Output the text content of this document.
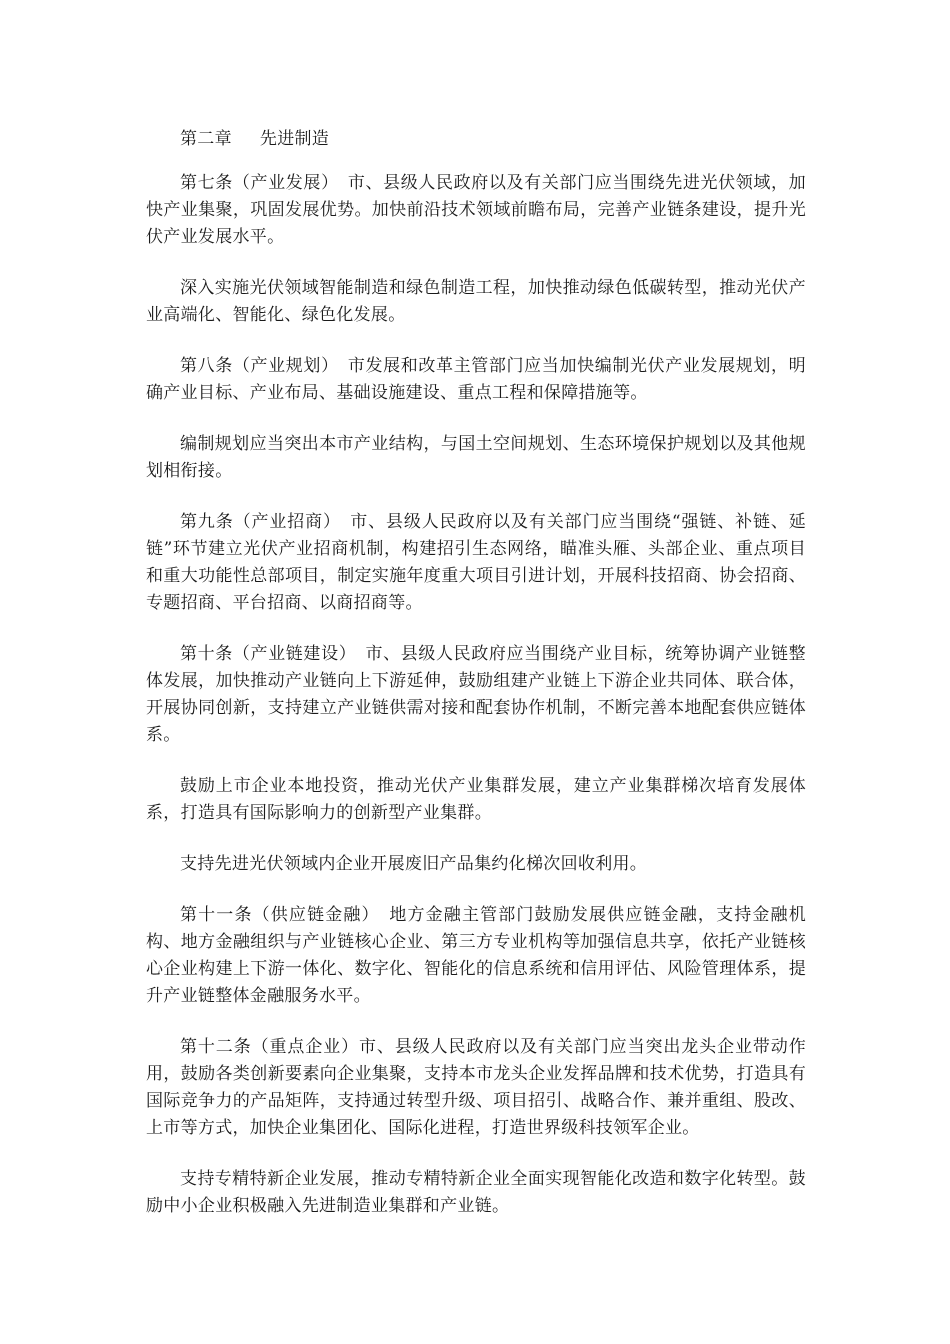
第二章 先进制造

第七条（产业发展）　市、县级人民政府以及有关部门应当围绕先进光伏领域，加快产业集聚，巩固发展优势。加快前沿技术领域前瞻布局，完善产业链条建设，提升光伏产业发展水平。

深入实施光伏领域智能制造和绿色制造工程，加快推动绿色低碳转型，推动光伏产业高端化、智能化、绿色化发展。

第八条（产业规划）　市发展和改革主管部门应当加快编制光伏产业发展规划，明确产业目标、产业布局、基础设施建设、重点工程和保障措施等。

编制规划应当突出本市产业结构，与国土空间规划、生态环境保护规划以及其他规划相衔接。

第九条（产业招商）　市、县级人民政府以及有关部门应当围绕“强链、补链、延链”环节建立光伏产业招商机制，构建招引生态网络，瞄准头雁、头部企业、重点项目和重大功能性总部项目，制定实施年度重大项目引进计划，开展科技招商、协会招商、专题招商、平台招商、以商招商等。

第十条（产业链建设）　市、县级人民政府应当围绕产业目标，统筹协调产业链整体发展，加快推动产业链向上下游延伸，鼓励组建产业链上下游企业共同体、联合体，开展协同创新，支持建立产业链供需对接和配套协作机制，不断完善本地配套供应链体系。

鼓励上市企业本地投资，推动光伏产业集群发展，建立产业集群梯次培育发展体系，打造具有国际影响力的创新型产业集群。

支持先进光伏领域内企业开展废旧产品集约化梯次回收利用。

第十一条（供应链金融）　地方金融主管部门鼓励发展供应链金融，支持金融机构、地方金融组织与产业链核心企业、第三方专业机构等加强信息共享，依托产业链核心企业构建上下游一体化、数字化、智能化的信息系统和信用评估、风险管理体系，提升产业链整体金融服务水平。

第十二条（重点企业）市、县级人民政府以及有关部门应当突出龙头企业带动作用，鼓励各类创新要素向企业集聚，支持本市龙头企业发挥品牌和技术优势，打造具有国际竞争力的产品矩阵，支持通过转型升级、项目招引、战略合作、兼并重组、股改、上市等方式，加快企业集团化、国际化进程，打造世界级科技领军企业。

支持专精特新企业发展，推动专精特新企业全面实现智能化改造和数字化转型。鼓励中小企业积极融入先进制造业集群和产业链。
